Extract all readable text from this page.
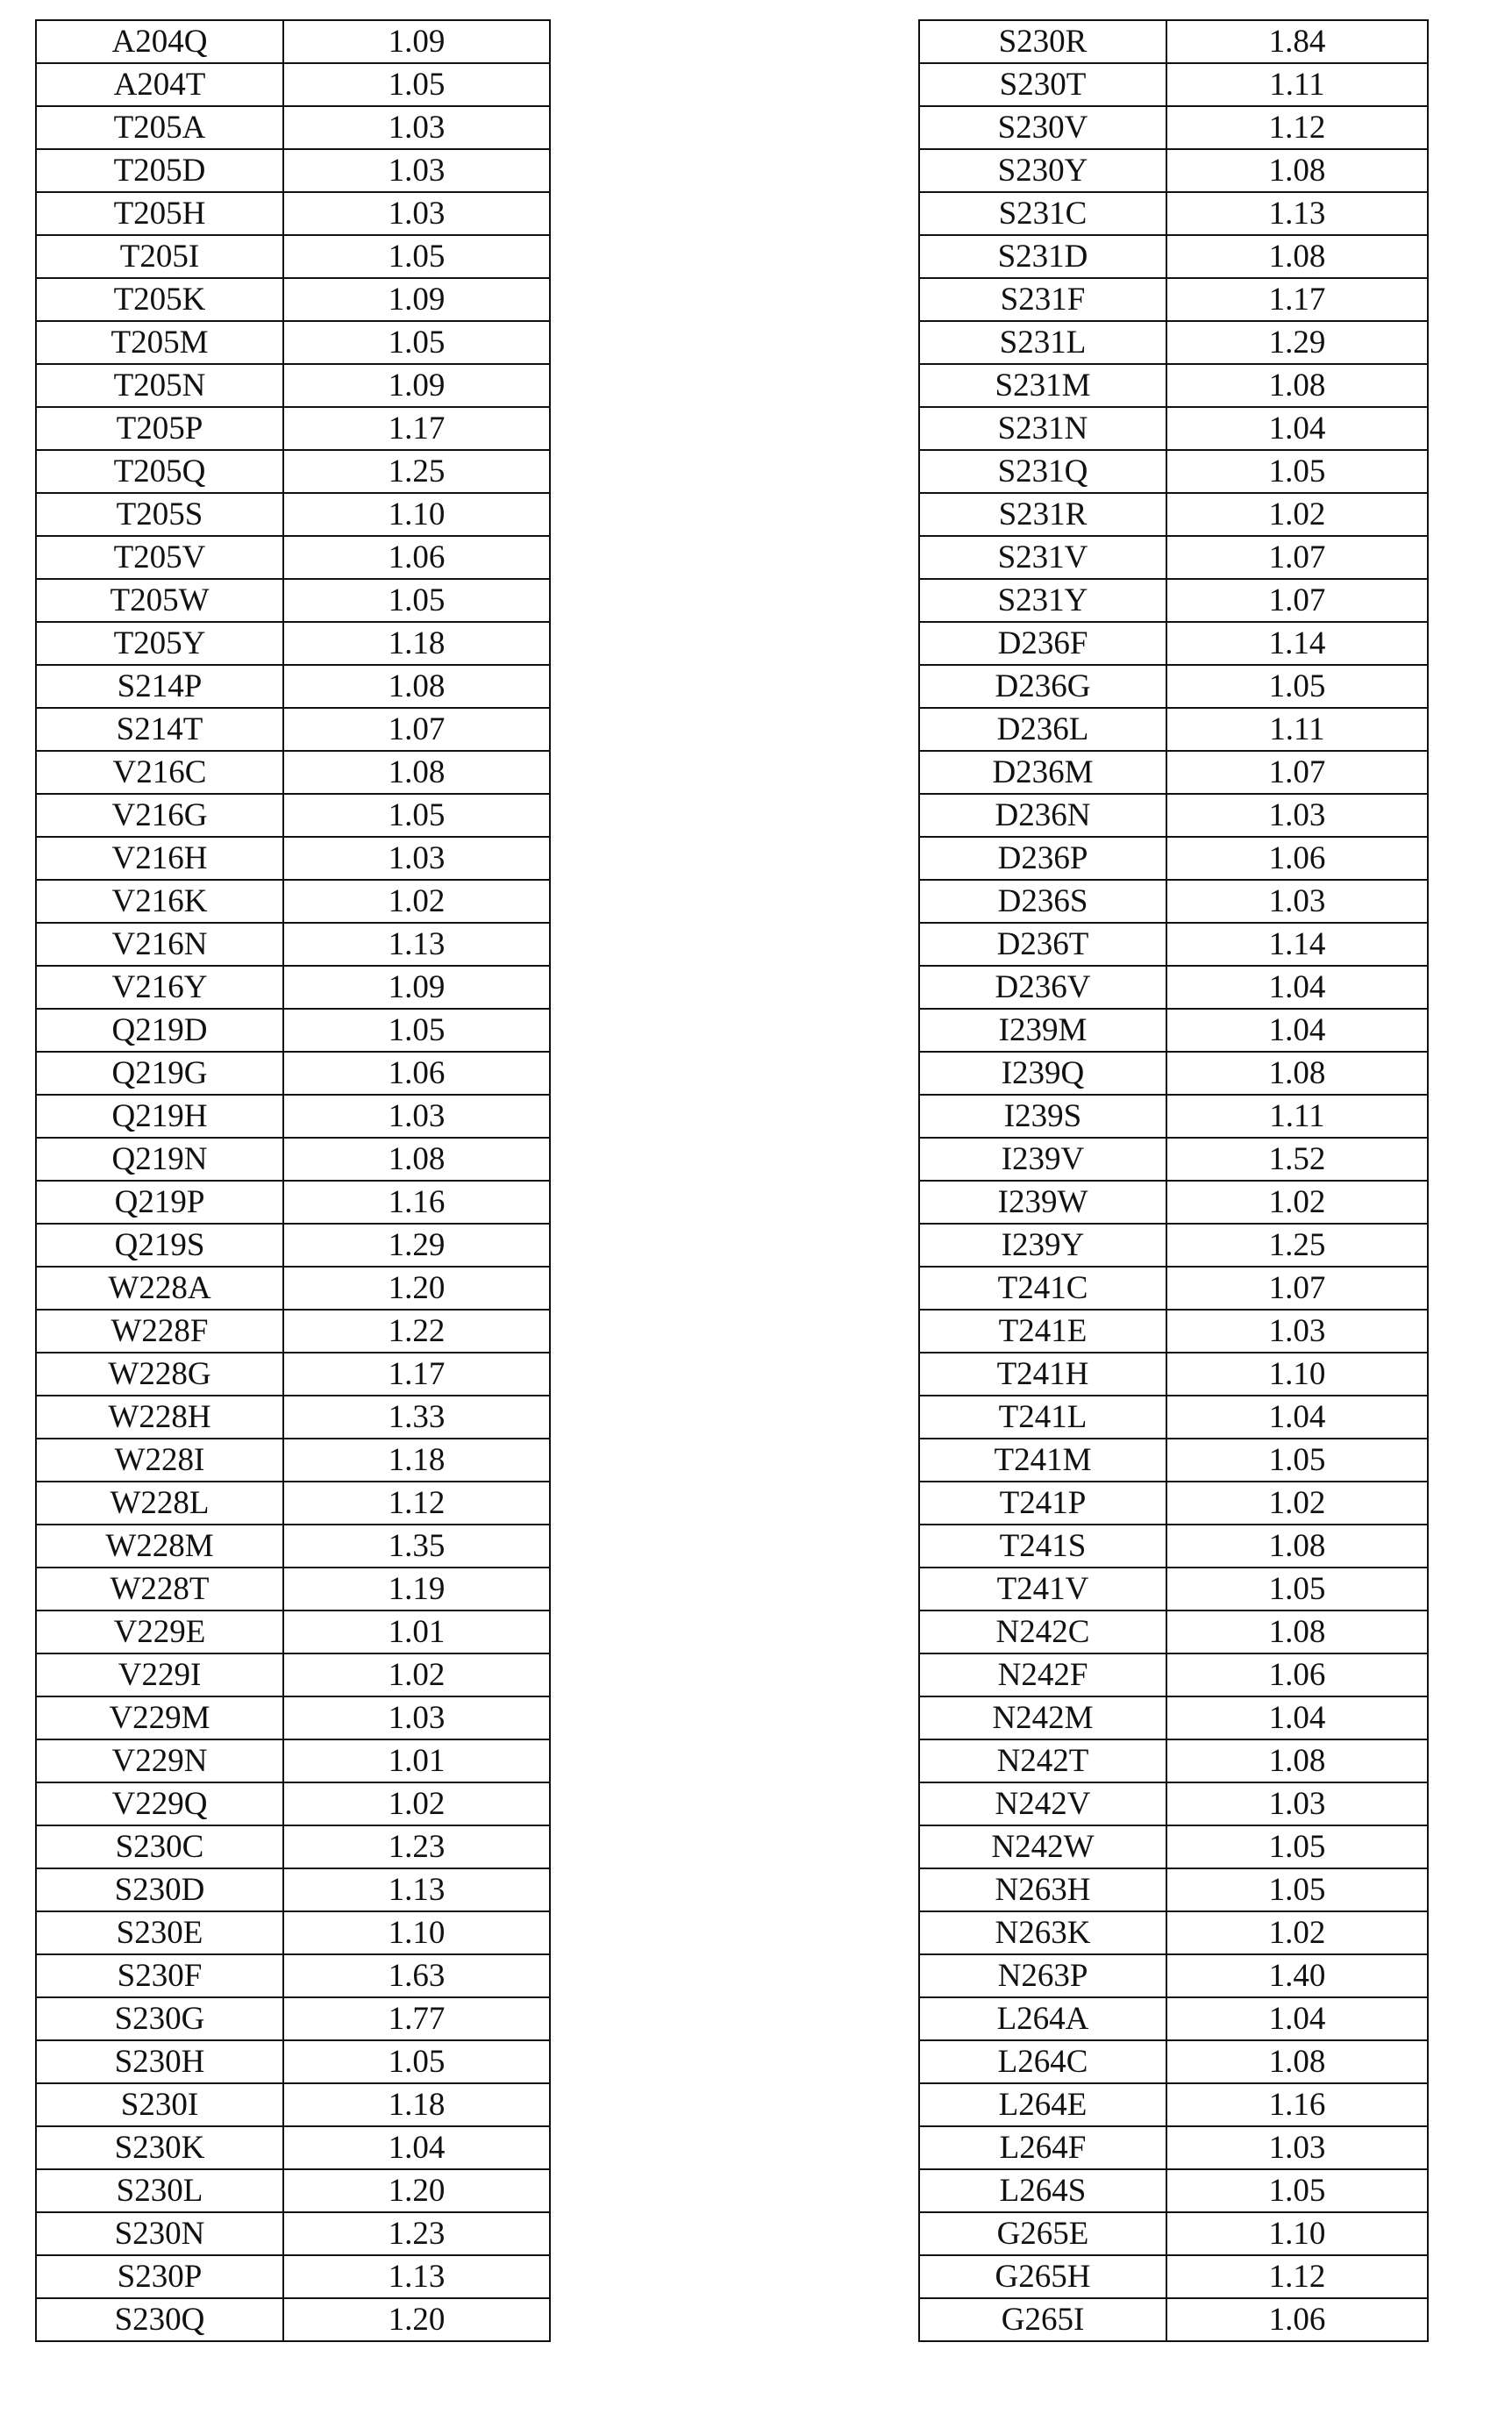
A204Q	1.09
A204T	1.05
T205A	1.03
T205D	1.03
T205H	1.03
T205I	1.05
T205K	1.09
T205M	1.05
T205N	1.09
T205P	1.17
T205Q	1.25
T205S	1.10
T205V	1.06
T205W	1.05
T205Y	1.18
S214P	1.08
S214T	1.07
V216C	1.08
V216G	1.05
V216H	1.03
V216K	1.02
V216N	1.13
V216Y	1.09
Q219D	1.05
Q219G	1.06
Q219H	1.03
Q219N	1.08
Q219P	1.16
Q219S	1.29
W228A	1.20
W228F	1.22
W228G	1.17
W228H	1.33
W228I	1.18
W228L	1.12
W228M	1.35
W228T	1.19
V229E	1.01
V229I	1.02
V229M	1.03
V229N	1.01
V229Q	1.02
S230C	1.23
S230D	1.13
S230E	1.10
S230F	1.63
S230G	1.77
S230H	1.05
S230I	1.18
S230K	1.04
S230L	1.20
S230N	1.23
S230P	1.13
S230Q	1.20
S230R	1.84
S230T	1.11
S230V	1.12
S230Y	1.08
S231C	1.13
S231D	1.08
S231F	1.17
S231L	1.29
S231M	1.08
S231N	1.04
S231Q	1.05
S231R	1.02
S231V	1.07
S231Y	1.07
D236F	1.14
D236G	1.05
D236L	1.11
D236M	1.07
D236N	1.03
D236P	1.06
D236S	1.03
D236T	1.14
D236V	1.04
I239M	1.04
I239Q	1.08
I239S	1.11
I239V	1.52
I239W	1.02
I239Y	1.25
T241C	1.07
T241E	1.03
T241H	1.10
T241L	1.04
T241M	1.05
T241P	1.02
T241S	1.08
T241V	1.05
N242C	1.08
N242F	1.06
N242M	1.04
N242T	1.08
N242V	1.03
N242W	1.05
N263H	1.05
N263K	1.02
N263P	1.40
L264A	1.04
L264C	1.08
L264E	1.16
L264F	1.03
L264S	1.05
G265E	1.10
G265H	1.12
G265I	1.06
